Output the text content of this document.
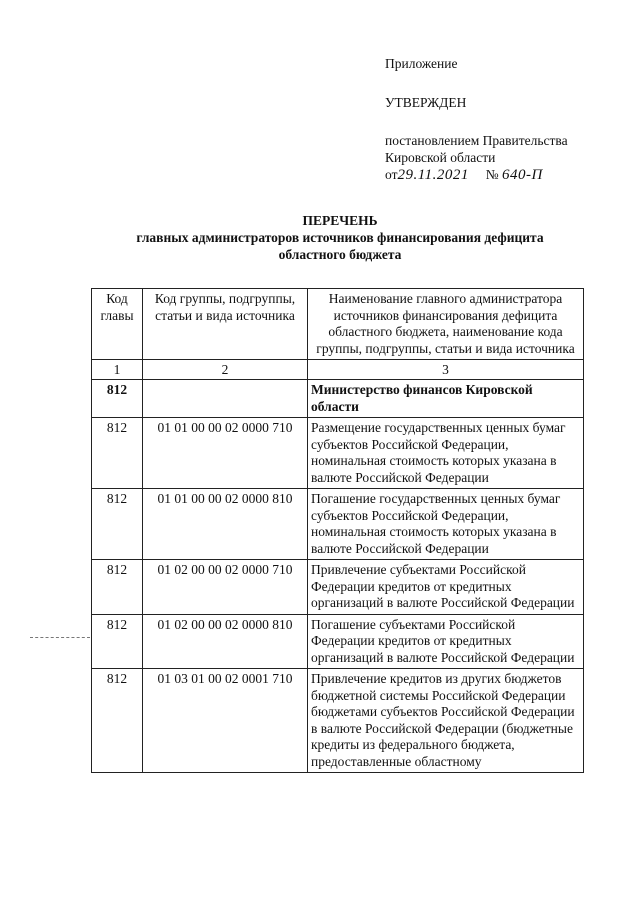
Приложение
УТВЕРЖДЕН
постановлением Правительства
Кировской области
от29.11.2021 № 640-П
ПЕРЕЧЕНЬ
главных администраторов источников финансирования дефицита
областного бюджета
Код главы	Код группы, подгруппы, статьи и вида источника	Наименование главного администратора источников финансирования дефицита областного бюджета, наименование кода группы, подгруппы, статьи и вида источника
1	2	3
812		Министерство финансов Кировской области
812	01 01 00 00 02 0000 710	Размещение государственных ценных бумаг субъектов Российской Федерации, номинальная стоимость которых указана в валюте Российской Федерации
812	01 01 00 00 02 0000 810	Погашение государственных ценных бумаг субъектов Российской Федерации, номинальная стоимость которых указана в валюте Российской Федерации
812	01 02 00 00 02 0000 710	Привлечение субъектами Российской Федерации кредитов от кредитных организаций в валюте Российской Федерации
812	01 02 00 00 02 0000 810	Погашение субъектами Российской Федерации кредитов от кредитных организаций в валюте Российской Федерации
812	01 03 01 00 02 0001 710	Привлечение кредитов из других бюджетов бюджетной системы Российской Федерации бюджетами субъектов Российской Федерации в валюте Российской Федерации (бюджетные кредиты из федерального бюджета, предоставленные областному
